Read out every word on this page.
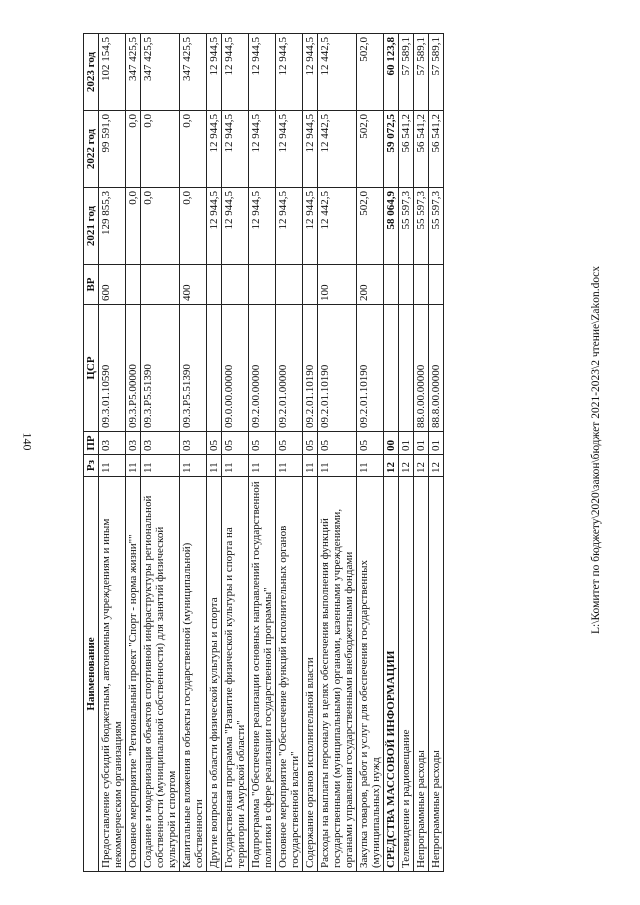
140
Наименование	Рз	ПР	ЦСР	ВР	2021 год	2022 год	2023 год
Предоставление субсидий бюджетным, автономным учреждениям и иным некоммерческим организациям	11	03	09.3.01.10590	600	129 855,3	99 591,0	102 154,5
Основное мероприятие "Региональный проект "Спорт - норма жизни""	11	03	09.3.P5.00000		0,0	0,0	347 425,5
Создание и модернизация объектов спортивной инфраструктуры региональной собственности (муниципальной собственности) для занятий физической культурой и спортом	11	03	09.3.P5.51390		0,0	0,0	347 425,5
Капитальные вложения в объекты государственной (муниципальной) собственности	11	03	09.3.P5.51390	400	0,0	0,0	347 425,5
Другие вопросы в области физической культуры и спорта	11	05			12 944,5	12 944,5	12 944,5
Государственная программа "Развитие физической культуры и спорта на территории Амурской области"	11	05	09.0.00.00000		12 944,5	12 944,5	12 944,5
Подпрограмма "Обеспечение реализации основных направлений государственной политики в сфере реализации государственной программы"	11	05	09.2.00.00000		12 944,5	12 944,5	12 944,5
Основное мероприятие "Обеспечение функций исполнительных органов государственной власти"	11	05	09.2.01.00000		12 944,5	12 944,5	12 944,5
Содержание органов исполнительной власти	11	05	09.2.01.10190		12 944,5	12 944,5	12 944,5
Расходы на выплаты персоналу в целях обеспечения выполнения функций государственными (муниципальными) органами, казенными учреждениями, органами управления государственными внебюджетными фондами	11	05	09.2.01.10190	100	12 442,5	12 442,5	12 442,5
Закупка товаров, работ и услуг для обеспечения государственных (муниципальных) нужд	11	05	09.2.01.10190	200	502,0	502,0	502,0
СРЕДСТВА МАССОВОЙ ИНФОРМАЦИИ	12	00			58 064,9	59 072,5	60 123,8
Телевидение и радиовещание	12	01			55 597,3	56 541,2	57 589,1
Непрограммные расходы	12	01	88.0.00.00000		55 597,3	56 541,2	57 589,1
Непрограммные расходы	12	01	88.8.00.00000		55 597,3	56 541,2	57 589,1
L:\Комитет по бюджету\2020\закон\бюджет 2021-2023\2 чтение\Zakon.docx
